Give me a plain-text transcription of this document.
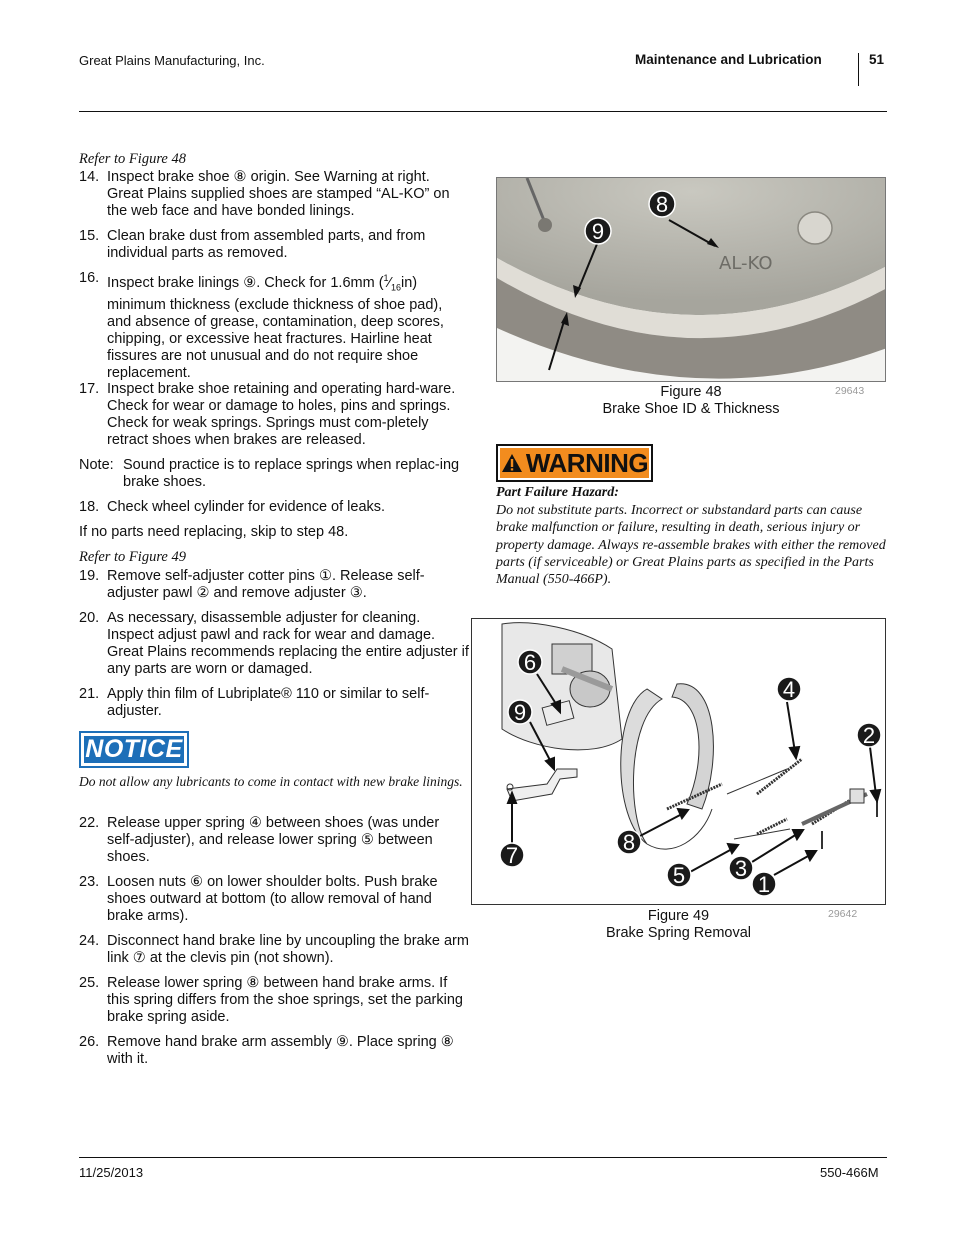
Great Plains Manufacturing, Inc.	Maintenance and Lubrication	51
Refer to Figure 48
14. Inspect brake shoe ⑧ origin. See Warning at right. Great Plains supplied shoes are stamped “AL-KO” on the web face and have bonded linings.
15. Clean brake dust from assembled parts, and from individual parts as removed.
16. Inspect brake linings ⑨. Check for 1.6mm $(^1⁄_{16}in)$ minimum thickness (exclude thickness of shoe pad), and absence of grease, contamination, deep scores, chipping, or excessive heat fractures. Hairline heat fissures are not unusual and do not require shoe replacement.
17. Inspect brake shoe retaining and operating hard-ware. Check for wear or damage to holes, pins and springs. Check for weak springs. Springs must com-pletely retract shoes when brakes are released.
Note: Sound practice is to replace springs when replac-ing brake shoes.
18. Check wheel cylinder for evidence of leaks.
If no parts need replacing, skip to step 48.
Refer to Figure 49
19. Remove self-adjuster cotter pins ①. Release self-adjuster pawl ② and remove adjuster ③.
20. As necessary, disassemble adjuster for cleaning. Inspect adjust pawl and rack for wear and damage. Great Plains recommends replacing the entire adjuster if any parts are worn or damaged.
21. Apply thin film of Lubriplate® 110 or similar to self-adjuster.
NOTICE
Do not allow any lubricants to come in contact with new brake linings.
22. Release upper spring ④ between shoes (was under self-adjuster), and release lower spring ⑤ between shoes.
23. Loosen nuts ⑥ on lower shoulder bolts. Push brake shoes outward at bottom (to allow removal of hand brake arms).
24. Disconnect hand brake line by uncoupling the brake arm link ⑦ at the clevis pin (not shown).
25. Release lower spring ⑧ between hand brake arms. If this spring differs from the shoe springs, set the parking brake spring aside.
26. Remove hand brake arm assembly ⑨. Place spring ⑧ with it.
AL-KO
8
9
Figure 48
Brake Shoe ID & Thickness
29643
WARNING
Part Failure Hazard:
Do not substitute parts. Incorrect or substandard parts can cause brake malfunction or failure, resulting in death, serious injury or property damage. Always re-assemble brakes with either the removed parts (if serviceable) or Great Plains parts as specified in the Parts Manual (550-466P).
6
9
7
4
2
8
5 3
1
Figure 49
Brake Spring Removal
29642
11/25/2013	550-466M
